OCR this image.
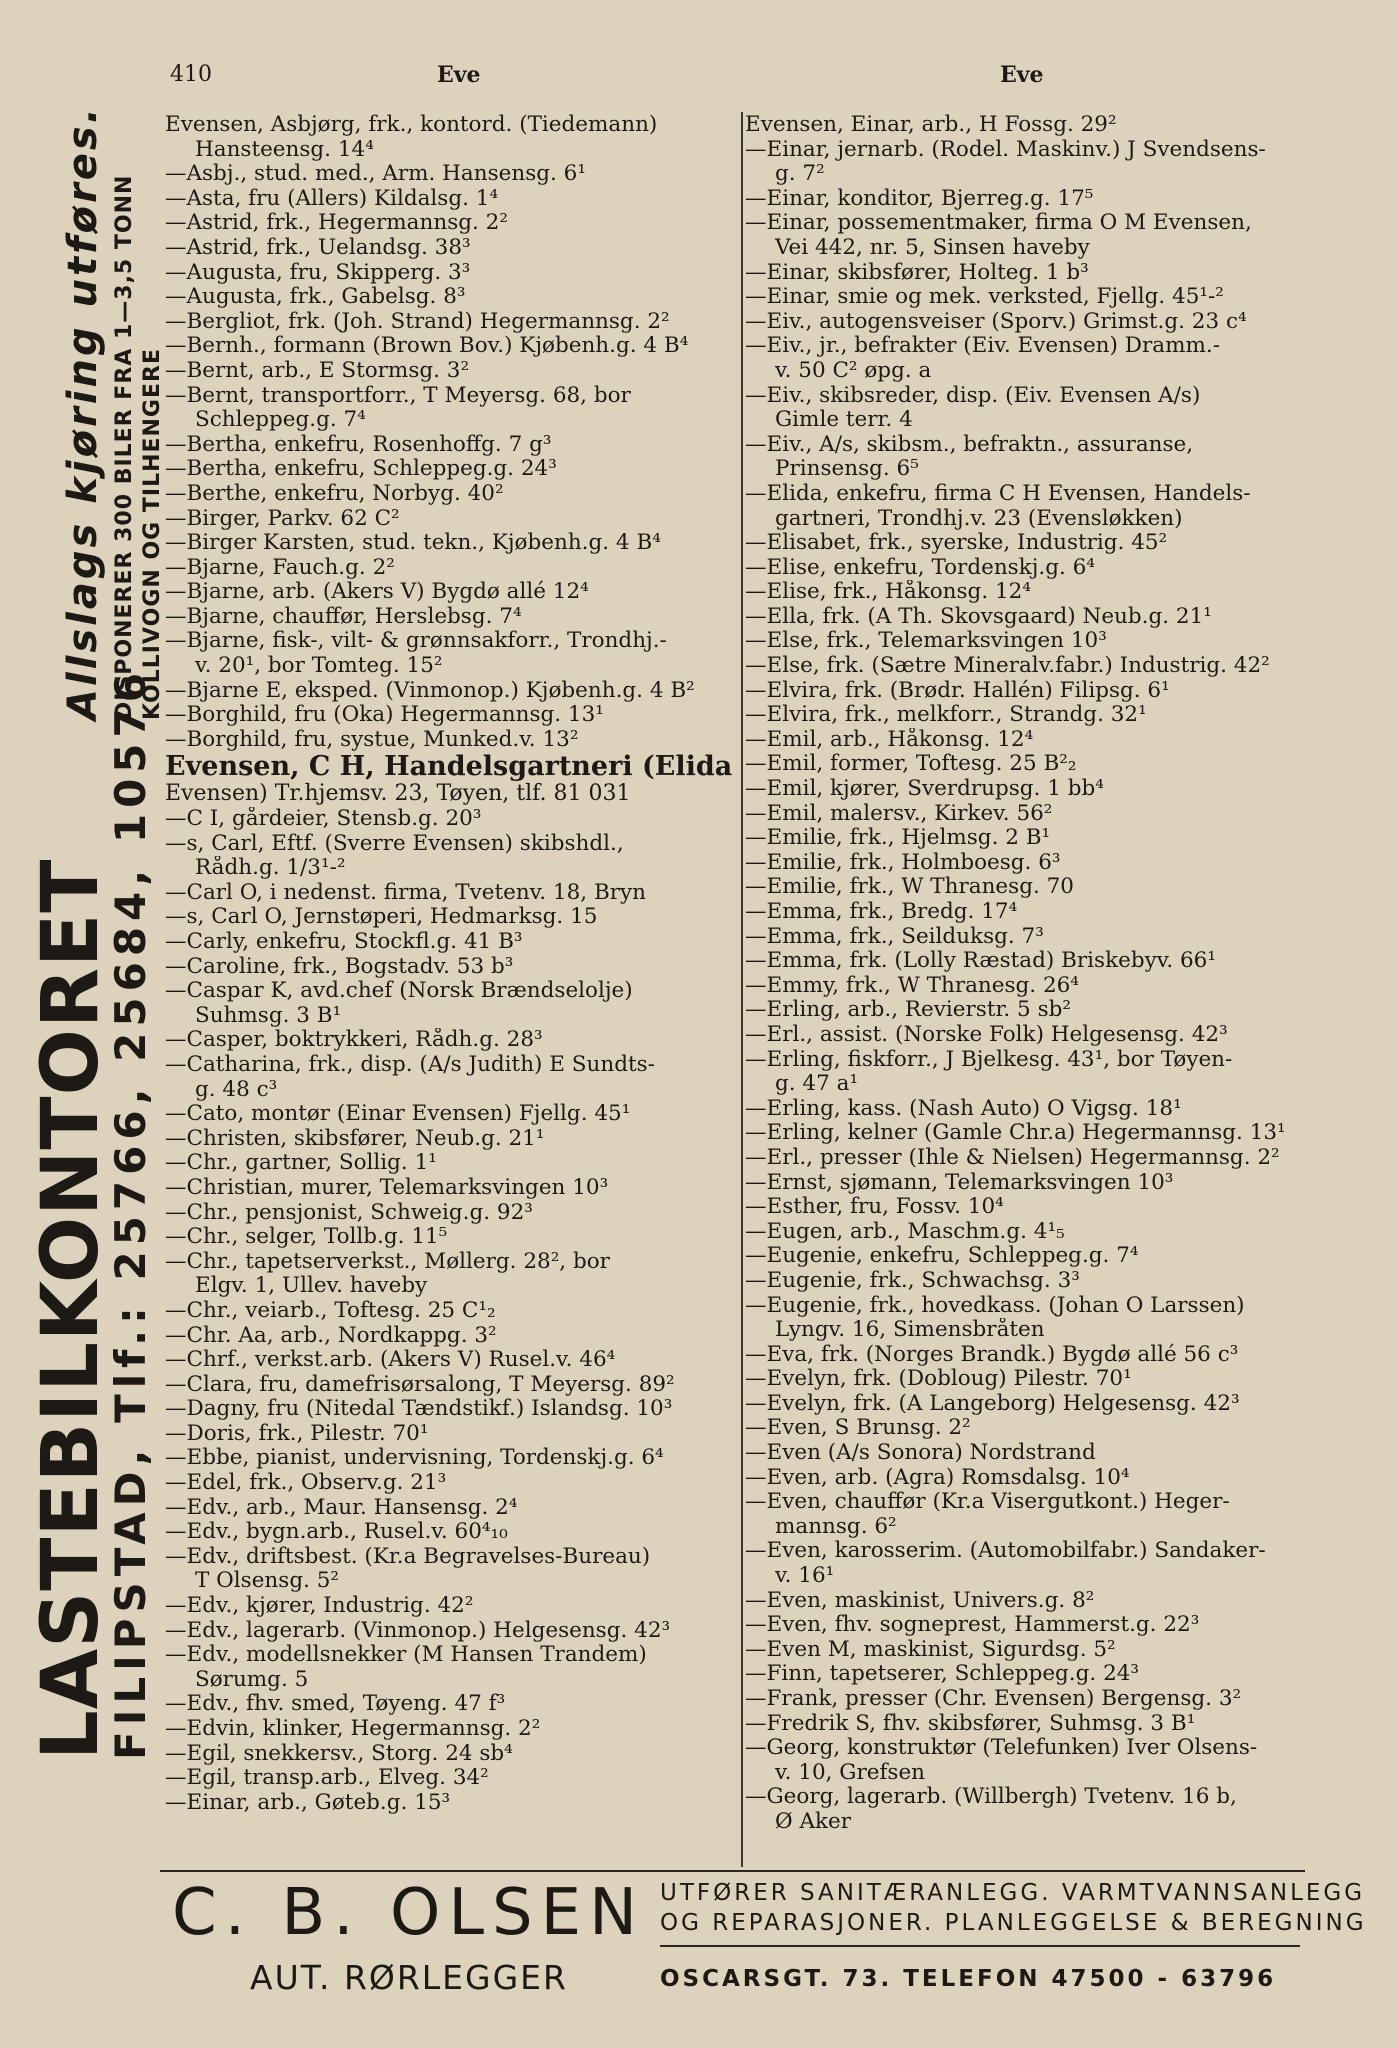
410	Eve	Eve
LASTEBILKONTORET
FILIPSTAD, Tlf.: 25766, 25684, 10576
Allslags kjøring utføres. DISPONERER 300 BILER FRA 1—3,5 TONN KOLLIVOGN OG TILHENGERE
Evensen, Asbjørg, frk., kontord. (Tiedemann)
Hansteensg. 14⁴
—Asbj., stud. med., Arm. Hansensg. 6¹
—Asta, fru (Allers) Kildalsg. 1⁴
—Astrid, frk., Hegermannsg. 2²
—Astrid, frk., Uelandsg. 38³
—Augusta, fru, Skipperg. 3³
—Augusta, frk., Gabelsg. 8³
—Bergliot, frk. (Joh. Strand) Hegermannsg. 2²
—Bernh., formann (Brown Bov.) Kjøbenh.g. 4 B⁴
—Bernt, arb., E Stormsg. 3²
—Bernt, transportforr., T Meyersg. 68, bor
Schleppeg.g. 7⁴
—Bertha, enkefru, Rosenhoffg. 7 g³
—Bertha, enkefru, Schleppeg.g. 24³
—Berthe, enkefru, Norbyg. 40²
—Birger, Parkv. 62 C²
—Birger Karsten, stud. tekn., Kjøbenh.g. 4 B⁴
—Bjarne, Fauch.g. 2²
—Bjarne, arb. (Akers V) Bygdø allé 12⁴
—Bjarne, chauffør, Herslebsg. 7⁴
—Bjarne, fisk-, vilt- & grønnsakforr., Trondhj.-
v. 20¹, bor Tomteg. 15²
—Bjarne E, eksped. (Vinmonop.) Kjøbenh.g. 4 B²
—Borghild, fru (Oka) Hegermannsg. 13¹
—Borghild, fru, systue, Munked.v. 13²
Evensen, C H, Handelsgartneri (Elida
Evensen) Tr.hjemsv. 23, Tøyen, tlf. 81 031
—C I, gårdeier, Stensb.g. 20³
—s, Carl, Eftf. (Sverre Evensen) skibshdl.,
Rådh.g. 1/3¹-²
—Carl O, i nedenst. firma, Tvetenv. 18, Bryn
—s, Carl O, Jernstøperi, Hedmarksg. 15
—Carly, enkefru, Stockfl.g. 41 B³
—Caroline, frk., Bogstadv. 53 b³
—Caspar K, avd.chef (Norsk Brændselolje)
Suhmsg. 3 B¹
—Casper, boktrykkeri, Rådh.g. 28³
—Catharina, frk., disp. (A/s Judith) E Sundts-
g. 48 c³
—Cato, montør (Einar Evensen) Fjellg. 45¹
—Christen, skibsfører, Neub.g. 21¹
—Chr., gartner, Sollig. 1¹
—Christian, murer, Telemarksvingen 10³
—Chr., pensjonist, Schweig.g. 92³
—Chr., selger, Tollb.g. 11⁵
—Chr., tapetserverkst., Møllerg. 28², bor
Elgv. 1, Ullev. haveby
—Chr., veiarb., Toftesg. 25 C¹₂
—Chr. Aa, arb., Nordkappg. 3²
—Chrf., verkst.arb. (Akers V) Rusel.v. 46⁴
—Clara, fru, damefrisørsalong, T Meyersg. 89²
—Dagny, fru (Nitedal Tændstikf.) Islandsg. 10³
—Doris, frk., Pilestr. 70¹
—Ebbe, pianist, undervisning, Tordenskj.g. 6⁴
—Edel, frk., Observ.g. 21³
—Edv., arb., Maur. Hansensg. 2⁴
—Edv., bygn.arb., Rusel.v. 60⁴₁₀
—Edv., driftsbest. (Kr.a Begravelses-Bureau)
T Olsensg. 5²
—Edv., kjører, Industrig. 42²
—Edv., lagerarb. (Vinmonop.) Helgesensg. 42³
—Edv., modellsnekker (M Hansen Trandem)
Sørumg. 5
—Edv., fhv. smed, Tøyeng. 47 f³
—Edvin, klinker, Hegermannsg. 2²
—Egil, snekkersv., Storg. 24 sb⁴
—Egil, transp.arb., Elveg. 34²
—Einar, arb., Gøteb.g. 15³
Evensen, Einar, arb., H Fossg. 29²
—Einar, jernarb. (Rodel. Maskinv.) J Svendsens-
g. 7²
—Einar, konditor, Bjerreg.g. 17⁵
—Einar, possementmaker, firma O M Evensen,
Vei 442, nr. 5, Sinsen haveby
—Einar, skibsfører, Holteg. 1 b³
—Einar, smie og mek. verksted, Fjellg. 45¹-²
—Eiv., autogensveiser (Sporv.) Grimst.g. 23 c⁴
—Eiv., jr., befrakter (Eiv. Evensen) Dramm.-
v. 50 C² øpg. a
—Eiv., skibsreder, disp. (Eiv. Evensen A/s)
Gimle terr. 4
—Eiv., A/s, skibsm., befraktn., assuranse,
Prinsensg. 6⁵
—Elida, enkefru, firma C H Evensen, Handels-
gartneri, Trondhj.v. 23 (Evensløkken)
—Elisabet, frk., syerske, Industrig. 45²
—Elise, enkefru, Tordenskj.g. 6⁴
—Elise, frk., Håkonsg. 12⁴
—Ella, frk. (A Th. Skovsgaard) Neub.g. 21¹
—Else, frk., Telemarksvingen 10³
—Else, frk. (Sætre Mineralv.fabr.) Industrig. 42²
—Elvira, frk. (Brødr. Hallén) Filipsg. 6¹
—Elvira, frk., melkforr., Strandg. 32¹
—Emil, arb., Håkonsg. 12⁴
—Emil, former, Toftesg. 25 B²₂
—Emil, kjører, Sverdrupsg. 1 bb⁴
—Emil, malersv., Kirkev. 56²
—Emilie, frk., Hjelmsg. 2 B¹
—Emilie, frk., Holmboesg. 6³
—Emilie, frk., W Thranesg. 70
—Emma, frk., Bredg. 17⁴
—Emma, frk., Seilduksg. 7³
—Emma, frk. (Lolly Ræstad) Briskebyv. 66¹
—Emmy, frk., W Thranesg. 26⁴
—Erling, arb., Revierstr. 5 sb²
—Erl., assist. (Norske Folk) Helgesensg. 42³
—Erling, fiskforr., J Bjelkesg. 43¹, bor Tøyen-
g. 47 a¹
—Erling, kass. (Nash Auto) O Vigsg. 18¹
—Erling, kelner (Gamle Chr.a) Hegermannsg. 13¹
—Erl., presser (Ihle & Nielsen) Hegermannsg. 2²
—Ernst, sjømann, Telemarksvingen 10³
—Esther, fru, Fossv. 10⁴
—Eugen, arb., Maschm.g. 4¹₅
—Eugenie, enkefru, Schleppeg.g. 7⁴
—Eugenie, frk., Schwachsg. 3³
—Eugenie, frk., hovedkass. (Johan O Larssen)
Lyngv. 16, Simensbråten
—Eva, frk. (Norges Brandk.) Bygdø allé 56 c³
—Evelyn, frk. (Dobloug) Pilestr. 70¹
—Evelyn, frk. (A Langeborg) Helgesensg. 42³
—Even, S Brunsg. 2²
—Even (A/s Sonora) Nordstrand
—Even, arb. (Agra) Romsdalsg. 10⁴
—Even, chauffør (Kr.a Visergutkont.) Heger-
mannsg. 6²
—Even, karosserim. (Automobilfabr.) Sandaker-
v. 16¹
—Even, maskinist, Univers.g. 8²
—Even, fhv. sogneprest, Hammerst.g. 22³
—Even M, maskinist, Sigurdsg. 5²
—Finn, tapetserer, Schleppeg.g. 24³
—Frank, presser (Chr. Evensen) Bergensg. 3²
—Fredrik S, fhv. skibsfører, Suhmsg. 3 B¹
—Georg, konstruktør (Telefunken) Iver Olsens-
v. 10, Grefsen
—Georg, lagerarb. (Willbergh) Tvetenv. 16 b,
Ø Aker
C. B. OLSEN
AUT. RØRLEGGER
UTFØRER SANITÆRANLEGG. VARMTVANNSANLEGG
OG REPARASJONER. PLANLEGGELSE & BEREGNING
OSCARSGT. 73. TELEFON 47500 - 63796
